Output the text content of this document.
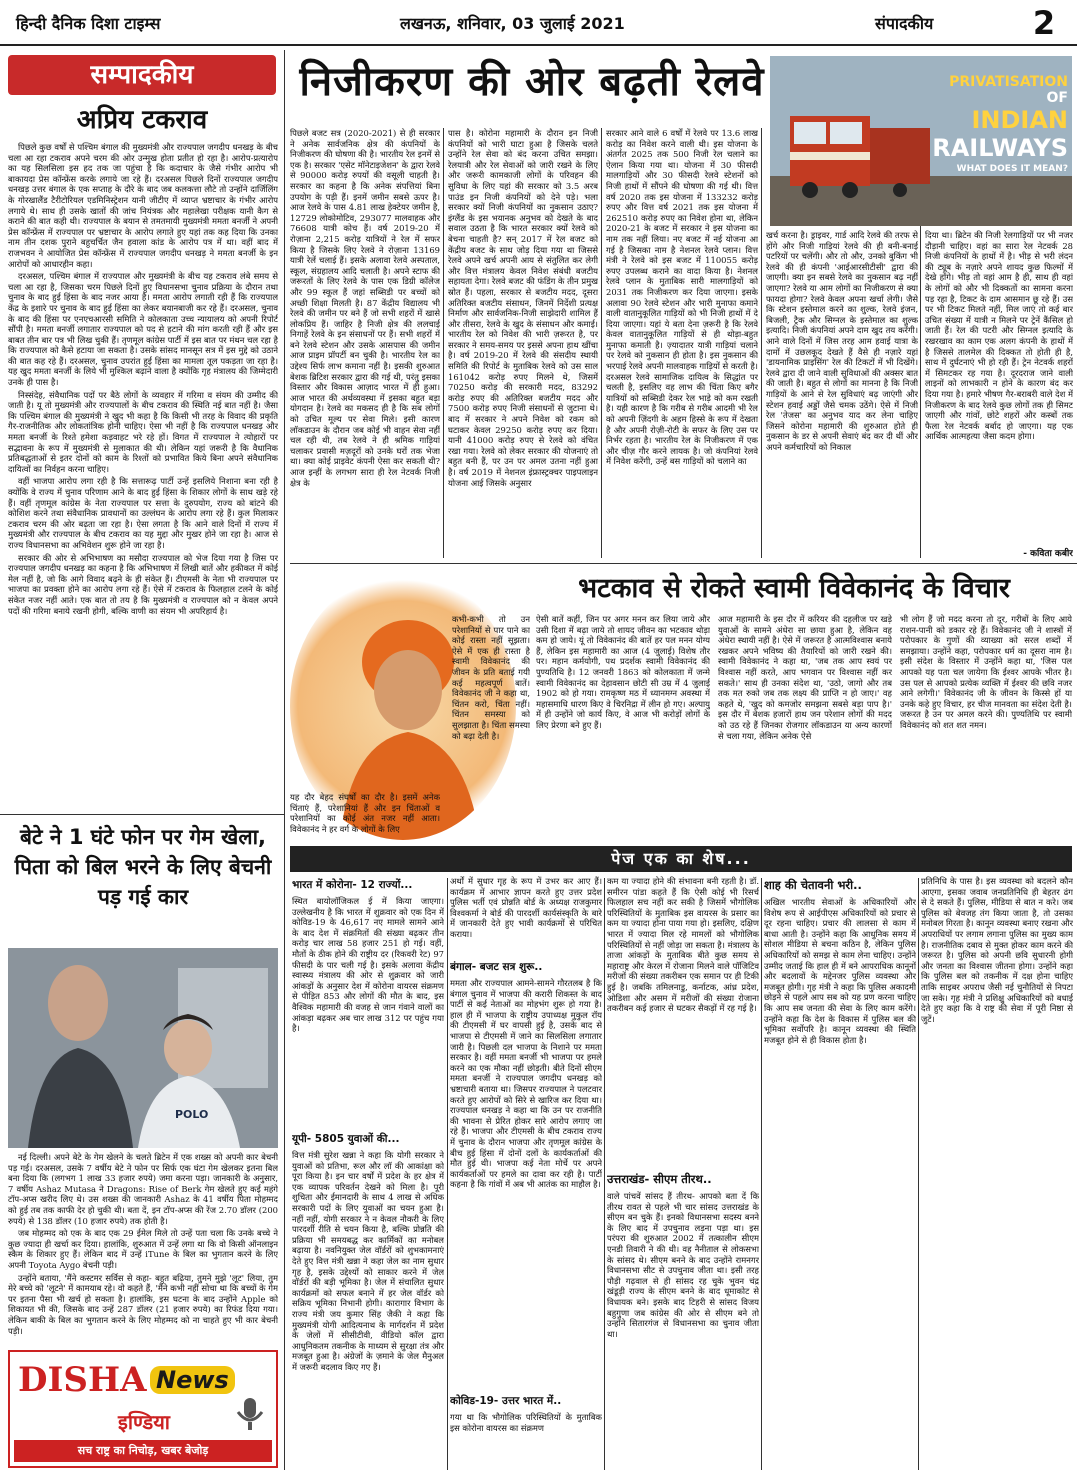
हिन्दी दैनिक दिशा टाइम्स	लखनऊ, शनिवार, 03 जुलाई 2021	संपादकीय	2
सम्पादकीय
अप्रिय टकराव

पिछले कुछ वर्षों से पश्चिम बंगाल की मुख्यमंत्री और राज्यपाल जगदीप धनखड़ के बीच चला आ रहा टकराव अपने चरम की ओर उन्मुख होता प्रतीत हो रहा है। आरोप-प्रत्यारोप का यह सिलसिला इस हद तक जा पहुंचा है कि कदाचार के जैसे गंभीर आरोप भी बाकायदा प्रेस कॉन्फ्रेंस करके लगाये जा रहे हैं। दरअसल पिछले दिनों राज्यपाल जगदीप धनखड़ उत्तर बंगाल के एक सप्ताह के दौरे के बाद जब कलकत्ता लौटे तो उन्होंने दार्जिलिंग के गोरखालैंड टैरीटोरियल एडमिनिस्ट्रेशन यानी जीटीए में व्याप्त भ्रष्टाचार के गंभीर आरोप लगाये थे। साथ ही उसके खातों की जांच नियंत्रक और महालेखा परीक्षक यानी कैग से कराने की बात कही थी। राज्यपाल के बयान से तमतमायी मुख्यमंत्री ममता बनर्जी ने अपनी प्रेस कॉन्फ्रेंस में राज्यपाल पर भ्रष्टाचार के आरोप लगाते हुए यहां तक कह दिया कि उनका नाम तीन दशक पुराने बहुचर्चित जैन हवाला कांड के आरोप पत्र में था। वहीं बाद में राजभवन ने आयोजित प्रेस कॉन्फ्रेंस में राज्यपाल जगदीप धनखड़ ने ममता बनर्जी के इन आरोपों को आधारहीन कहा।

दरअसल, पश्चिम बंगाल में राज्यपाल और मुख्यमंत्री के बीच यह टकराव लंबे समय से चला आ रहा है, जिसका चरम पिछले दिनों हुए विधानसभा चुनाव प्रक्रिया के दौरान तथा चुनाव के बाद हुई हिंसा के बाद नजर आया है। ममता आरोप लगाती रही हैं कि राज्यपाल केंद्र के इशारे पर चुनाव के बाद हुई हिंसा का लेकर बयानबाजी कर रहे हैं। दरअसल, चुनाव के बाद की हिंसा पर एनएचआरसी समिति ने कोलकाता उच्च न्यायालय को अपनी रिपोर्ट सौंपी है। ममता बनर्जी लगातार राज्यपाल को पद से हटाने की मांग करती रही हैं और इस बाबत तीन बार पत्र भी लिख चुकी हैं। तृणमूल कांग्रेस पार्टी में इस बात पर मंथन चल रहा है कि राज्यपाल को कैसे हटाया जा सकता है। उसके सांसद मानसून सत्र में इस मुद्दे को उठाने की बात कह रहे हैं। दरअसल, चुनाव उपरांत हुई हिंसा का मामला तूल पकड़ता जा रहा है। यह खुद ममता बनर्जी के लिये भी मुश्किल बढ़ाने वाला है क्योंकि गृह मंत्रालय की जिम्मेदारी उनके ही पास है।

निस्संदेह, संवैधानिक पदों पर बैठे लोगों के व्यवहार में गरिमा व संयम की उम्मीद की जाती है। यू तो मुख्यमंत्री और राज्यपालों के बीच टकराव की स्थिति नई बात नहीं है। जैसा कि पश्चिम बंगाल की मुख्यमंत्री ने खुद भी कहा है कि किसी भी तरह के विवाद की प्रकृति गैर-राजनीतिक और लोकतांत्रिक होनी चाहिए। ऐसा भी नहीं है कि राज्यपाल धनखड़ और ममता बनर्जी के रिश्ते हमेशा कड़वाहट भरे रहे हों। विगत में राज्यपाल ने त्योहारों पर सद्भावना के रूप में मुख्यमंत्री से मुलाकात की थी। लेकिन यहां जरूरी है कि वैधानिक प्रतिबद्धताओं से इतर दोनों को काम के रिश्तों को प्रभावित किये बिना अपने संवैधानिक दायित्वों का निर्वहन करना चाहिए।

वहीं भाजपा आरोप लगा रही है कि सत्तारूढ़ पार्टी उन्हें इसलिये निशाना बना रही है क्योंकि वे राज्य में चुनाव परिणाम आने के बाद हुई हिंसा के शिकार लोगों के साथ खड़े रहे हैं। वहीं तृणमूल कांग्रेस के नेता राज्यपाल पर सत्ता के दुरुपयोग, राज्य को बांटने की कोशिश करने तथा संवैधानिक प्रावधानों का उल्लंघन के आरोप लगा रहे हैं। कुल मिलाकर टकराव चरम की ओर बढ़ता जा रहा है। ऐसा लगता है कि आने वाले दिनों में राज्य में मुख्यमंत्री और राज्यपाल के बीच टकराव का यह मुद्दा और मुखर होने जा रहा है। आज से राज्य विधानसभा का अभिवेशन शुरू होने जा रहा है।

सरकार की ओर से अभिभाषण का मसौदा राज्यपाल को भेज दिया गया है जिस पर राज्यपाल जगदीप धनखड़ का कहना है कि अभिभाषण में लिखी बातें और हकीकत में कोई मेल नहीं है, जो कि आगे विवाद बढ़ने के ही संकेत हैं। टीएमसी के नेता भी राज्यपाल पर भाजपा का प्रवक्ता होने का आरोप लगा रहे हैं। ऐसे में टकराव के फिलहाल टलने के कोई संकेत नजर नहीं आते। एक बात तो तय है कि मुख्यमंत्री व राज्यपाल को न केवल अपने पदों की गरिमा बनाये रखनी होगी, बल्कि वाणी का संयम भी अपरिहार्य है।

बेटे ने 1 घंटे फोन पर गेम खेला, पिता को बिल भरने के लिए बेचनी पड़ गई कार
POLO

नई दिल्ली। अपने बेटे के गेम खेलने के चलते ब्रिटेन में एक शख्स को अपनी कार बेचनी पड़ गई। दरअसल, उसके 7 वर्षीय बेटे ने फोन पर सिर्फ एक घंटा गेम खेलकर इतना बिल बना दिया कि (लगभग 1 लाख 33 हजार रुपये) जमा करना पड़ा। जानकारी के अनुसार, 7 वर्षीय Ashaz Mutasa ने Dragons: Rise of Berk गेम खेलते हुए कई महंगे टॉप-अप्स खरीद लिए थे। उस शख्स की जानकारी Ashaz के 41 वर्षीय पिता मोहम्मद को हुई तब तक काफी देर हो चुकी थी। बता दें, इन टॉप-अप्स की रेंज 2.70 डॉलर (200 रुपये) से 138 डॉलर (10 हजार रुपये) तक होती है।

जब मोहम्मद को एक के बाद एक 29 ईमेल मिले तो उन्हें पता चला कि उनके बच्चे ने कुछ ज्यादा ही खर्चा कर दिया। हालांकि, शुरुआत में उन्हें लगा था कि वो किसी ऑनलाइन स्कैम के शिकार हुए हैं। लेकिन बाद में उन्हें iTune के बिल का भुगतान करने के लिए अपनी Toyota Aygo बेचनी पड़ी।

उन्होंने बताया, 'मैंने कस्टमर सर्विस से कहा- बहुत बढ़िया, तुमने मुझे 'लूट' लिया, तुम मेरे बच्चे को 'लूटने' में कामयाब रहे। वो कहते हैं, 'मैंने कभी नहीं सोचा था कि बच्चों के गेम पर इतना पैसा भी खर्च हो सकता है। हालांकि, इस घटना के बाद उन्होंने Apple को शिकायत भी की, जिसके बाद उन्हें 287 डॉलर (21 हजार रुपये) का रिफंड दिया गया। लेकिन बाकी के बिल का भुगतान करने के लिए मोहम्मद को ना चाहते हुए भी कार बेचनी पड़ी।

DISHA News
इण्डिया
सच राष्ट्र का निचोड़, खबर बेजोड़
निजीकरण की ओर बढ़ती रेलवे	PRIVATISATION
OF
INDIAN
RAILWAYS
WHAT DOES IT MEAN?

पिछले बजट सत्र (2020-2021) से ही सरकार ने अनेक सार्वजनिक क्षेत्र की कंपनियों के निजीकरण की घोषणा की है। भारतीय रेल इनमें से एक है। सरकार 'एसेट मॉनेटाइजेशन' के द्वारा रेलवे से 90000 करोड़ रुपयों की वसूली चाहती है। सरकार का कहना है कि अनेक संपत्तियां बिना उपयोग के पड़ी हैं। इनमें जमीन सबसे ऊपर है। आज रेलवे के पास 4.81 लाख हेक्टेयर जमीन है, 12729 लोकोमोटिव, 293077 मालवाहक और 76608 यात्री कोच हैं। वर्ष 2019-20 में रोज़ाना 2,215 करोड़ यात्रियों ने रेल में सफर किया है जिसके लिए रेलवे ने रोज़ाना 13169 यात्री रेलें चलाई हैं। इसके अलावा रेलवे अस्पताल, स्कूल, संग्रहालय आदि चलाती है। अपने स्टाफ की जरूरतों के लिए रेलवे के पास एक डिग्री कॉलेज और 99 स्कूल हैं जहां सब्सिडी पर बच्चों को अच्छी शिक्षा मिलती है। 87 केंद्रीय विद्यालय भी रेलवे की जमीन पर बने हैं जो सभी शहरों में खासे लोकप्रिय हैं। जाहिर है निजी क्षेत्र की ललचाई निगाहें रेलवे के इन संसाधनों पर हैं। सभी शहरों में बने रेलवे स्टेशन और उसके आसपास की जमीन आज प्राइम प्रॉपर्टी बन चुकी है। भारतीय रेल का उद्देश्य सिर्फ लाभ कमाना नहीं है। इसकी शुरुआत बेशक ब्रिटिश सरकार द्वारा की गई थी, परंतु इसका विस्तार और विकास आज़ाद भारत में ही हुआ। आज भारत की अर्थव्यवस्था में इसका बहुत बड़ा योगदान है। रेलवे का मकसद ही है कि सब लोगों को उचित मूल्य पर सेवा मिले। इसी कारण लॉकडाउन के दौरान जब कोई भी वाहन सेवा नहीं चल रही थी, तब रेलवे ने ही श्रमिक गाड़ियां चलाकर प्रवासी मज़दूरों को उनके घरों तक भेजा था। क्या कोई प्राइवेट कंपनी ऐसा कर सकती थी? आज इन्हीं के लगभग सारा ही रेल नेटवर्क निजी क्षेत्र के

पास है। कोरोना महामारी के दौरान इन निजी कंपनियों को भारी घाटा हुआ है जिसके चलते उन्होंने रेल सेवा को बंद करना उचित समझा। रेलयात्री और रेल सेवाओं को जारी रखने के लिए और जरूरी कामकाजी लोगों के परिवहन की सुविधा के लिए यहां की सरकार को 3.5 अरब पाउंड इन निजी कंपनियों को देने पड़े। भला सरकार क्यों निजी कंपनियों का नुकसान उठाए? इंग्लैंड के इस भयानक अनुभव को देखते के बाद सवाल उठता है कि भारत सरकार क्यों रेलवे को बेचना चाहती है? सन् 2017 में रेल बजट को केंद्रीय बजट के साथ जोड़ दिया गया था जिससे रेलवे अपने खर्च अपनी आय से संतुलित कर लेगी और वित्त मंत्रालय केवल निवेश संबंधी बजटीय सहायता देगा। रेलवे बजट की फंडिंग के तीन प्रमुख स्रोत हैं। पहला, सरकार से बजटीय मदद, दूसरा अतिरिक्त बजटीय संसाधन, जिनमें निर्देशी प्रत्यक्ष निर्माण और सार्वजनिक-निजी साझेदारी शामिल हैं और तीसरा, रेलवे के खुद के संसाधन और कमाई। भारतीय रेल को निवेश की भारी ज़रूरत है, पर सरकार ने समय-समय पर इससे अपना हाथ खींचा है। वर्ष 2019-20 में रेलवे की संसदीय स्थायी समिति की रिपोर्ट के मुताबिक रेलवे को उस साल 161042 करोड़ रुपए मिलने थे, जिसमें 70250 करोड़ की सरकारी मदद, 83292 करोड़ रुपए की अतिरिक्त बजटीय मदद और 7500 करोड़ रुपए निजी संसाधनों से जुटाना थे। बाद में सरकार ने अपने निवेश को रकम को घटाकर केवल 29250 करोड़ रुपए कर दिया। यानी 41000 करोड़ रुपए से रेलवे को वंचित रखा गया। रेलवे को लेकर सरकार की योजनाएं तो बहुत बनी हैं, पर उन पर अमल उतना नहीं हुआ है। वर्ष 2019 में नेशनल इंफ्रास्ट्रक्चर पाइपलाइन योजना आई जिसके अनुसार

सरकार आने वाले 6 वर्षों में रेलवे पर 13.6 लाख करोड़ का निवेश करने वाली थी। इस योजना के अंतर्गत 2025 तक 500 निजी रेल चलाने का ऐलान किया गया था। योजना में 30 फीसदी मालगाड़ियों और 30 फीसदी रेलवे स्टेशनों को निजी हाथों में सौंपने की घोषणा की गई थी। वित्त वर्ष 2020 तक इस योजना में 133232 करोड़ रुपए और वित्त वर्ष 2021 तक इस योजना में 262510 करोड़ रुपए का निवेश होना था, लेकिन 2020-21 के बजट में सरकार ने इस योजना का नाम तक नहीं लिया। नए बजट में नई योजना आ गई है जिसका नाम है नेशनल रेलवे प्लान। वित्त मंत्री ने रेलवे को इस बजट में 110055 करोड़ रुपए उपलब्ध कराने का वादा किया है। नेशनल रेलवे प्लान के मुताबिक सारी मालगाड़ियों को 2031 तक निजीकरण कर दिया जाएगा। इसके अलावा 90 रेलवे स्टेशन और भारी मुनाफा कमाने वाली वातानुकूलित गाड़ियों को भी निजी हाथों में दे दिया जाएगा। यहां ये बता देना ज़रूरी है कि रेलवे केवल वातानुकूलित गाड़ियों से ही थोड़ा-बहुत मुनाफा कमाती है। ज़्यादातर यात्री गाड़ियां चलाने पर रेलवे को नुकसान ही होता है। इस नुकसान की भरपाई रेलवे अपनी मालवाहक गाड़ियों से करती है। दरअसल रेलवे सामाजिक दायित्व के सिद्धांत पर चलती है, इसलिए वह लाभ की चिंता किए बगैर यात्रियों को सब्सिडी देकर रेल भाड़े को कम रखती है। यही कारण है कि गरीब से गरीब आदमी भी रेल को अपनी ज़िंदगी के अहम हिस्से के रूप में देखता है और अपनी रोज़ी-रोटी के सफर के लिए उस पर निर्भर रहता है। भारतीय रेल के निजीकरण में एक और चीज़ गौर करने लायक है। जो कंपनियां रेलवे में निवेश करेंगी, उन्हें बस गाड़ियों को चलाने का

खर्च करना है। ड्राइवर, गार्ड आदि रेलवे की तरफ से होंगे और निजी गाड़ियां रेलवे की ही बनी-बनाई पटरियों पर चलेंगी। और तो और, उनको बुकिंग भी रेलवे की ही कंपनी 'आईआरसीटीसी' द्वारा की जाएगी। क्या इन सबसे रेलवे का नुकसान बढ़ नहीं जाएगा? रेलवे या आम लोगों का निजीकरण से क्या फायदा होगा? रेलवे केवल अपना खर्चा लेगी। जैसे कि स्टेशन इस्तेमाल करने का शुल्क, रेलवे इंजन, बिजली, ट्रैक और सिग्नल के इस्तेमाल का शुल्क इत्यादि। निजी कंपनियां अपने दाम खुद तय करेंगी। आने वाले दिनों में जिस तरह आम हवाई यात्रा के दामों में उछलकूद देखते हैं वैसे ही नज़ारे यहां 'डायनामिक प्राइसिंग' रेल की टिकटों में भी दिखेंगे। रेलवे द्वारा दी जाने वाली सुविधाओं की अक्सर बात की जाती है। बहुत से लोगों का मानना है कि निजी गाड़ियों के आने से रेल सुविधाएं बढ़ जाएंगी और स्टेशन हवाई अड्डों जैसे चमक उठेंगे। ऐसे में निजी रेल 'तेजस' का अनुभव याद कर लेना चाहिए जिसने कोरोना महामारी की शुरुआत होते ही नुकसान के डर से अपनी सेवाएं बंद कर दी थीं और अपने कर्मचारियों को निकाल

दिया था। ब्रिटेन की निजी रेलगाड़ियों पर भी नजर दौड़ानी चाहिए। वहां का सारा रेल नेटवर्क 28 निजी कंपनियों के हाथों में है। भीड़ से भरी लंदन की ट्यूब के नज़ारे अपने शायद कुछ फिल्मों में देखे होंगे। भीड़ तो वहां आम है ही, साथ ही वहां के लोगों को और भी दिक्कतों का सामना करना पड़ रहा है, टिकट के दाम आसमान छू रहे हैं। उस पर भी टिकट मिलते नहीं, मिल जाएं तो कई बार उचित संख्या में यात्री न मिलने पर ट्रेनें कैंसिल हो जाती हैं। रेल की पटरी और सिग्नल इत्यादि के रखरखाव का काम एक अलग कंपनी के हाथों में है जिससे तालमेल की दिक्कत तो होती ही है, साथ में दुर्घटनाएं भी हो रही हैं। ट्रेन नेटवर्क शहरों में सिमटकर रह गया है। दूरदराज जाने वाली लाइनों को लाभकारी न होने के कारण बंद कर दिया गया है। हमारे भीषण गैर-बराबरी वाले देश में निजीकरण के बाद रेलवे कुछ लोगों तक ही सिमट जाएगी और गांवों, छोटे शहरों और कस्बों तक फैला रेल नेटवर्क बर्बाद हो जाएगा। यह एक आर्थिक आत्महत्या जैसा कदम होगा।

- कविता कबीर
भटकाव से रोकते स्वामी विवेकानंद के विचार

कभी-कभी तो उन परेशानियों से पार पाने का कोई रास्ता नहीं सूझता। ऐसे में एक ही रास्ता है स्वामी विवेकानंद की जीवन के प्रति बताई गयी कई महत्वपूर्ण बातें। विवेकानंद जी ने कहा था, चिंतन करो, चिंता नहीं। चिंतन समस्या को सुलझाता है। चिंता समस्या को बढ़ा देती है।

यह दौर बेहद संघर्षों का दौर है। इसमें अनेक चिंताएं हैं, परेशानियां हैं और इन चिंताओं व परेशानियों का कोई अंत नजर नहीं आता। विवेकानंद ने हर वर्ग के लोगों के लिए

ऐसी बातें कहीं, जिन पर अगर मनन कर लिया जाये और उसी दिशा में बढ़ा जाये तो शायद जीवन का भटकाव थोड़ा कम हो जाये। यूं तो विवेकानंद की बातें हर पल मनन योग्य हैं, लेकिन इस महामारी का आज (4 जुलाई) विशेष तौर पर। महान कर्मयोगी, पथ प्रदर्शक स्वामी विवेकानंद की पुण्यतिथि है। 12 जनवरी 1863 को कोलकाता में जन्मे स्वामी विवेकानंद का देहावसान छोटी सी उम्र में 4 जुलाई 1902 को हो गया। रामकृष्ण मठ में ध्यानमग्न अवस्था में महासमाधि धारण किए वे चिरनिद्रा में लीन हो गए। अल्पायु में ही उन्होंने जो कार्य किए, वे आज भी करोड़ों लोगों के लिए प्रेरणा बने हुए हैं।

आज महामारी के इस दौर में करियर की दहलीज पर खड़े युवाओं के सामने अंधेरा सा छाया हुआ है, लेकिन वह अंधेरा स्थायी नहीं है। ऐसे में जरूरत है आत्मविश्वास बनाये रखकर अपने भविष्य की तैयारियों को जारी रखने की। स्वामी विवेकानंद ने कहा था, 'जब तक आप स्वयं पर विश्वास नहीं करते, आप भगवान पर विश्वास नहीं कर सकते।' साथ ही उनका संदेश था, 'उठो, जागो और तब तक मत रुको जब तक लक्ष्य की प्राप्ति न हो जाए।' वह कहते थे, 'खुद को कमजोर समझना सबसे बड़ा पाप है।' इस दौर में बेशक हजारों हाथ जन परेशान लोगों की मदद को उठ रहे हैं जिनका रोजगार लॉकडाउन या अन्य कारणों से चला गया, लेकिन अनेक ऐसे

भी लोग हैं जो मदद करना तो दूर, गरीबों के लिए आये राशन-पानी को डकार रहे हैं। विवेकानंद जी ने शास्त्रों में परोपकार के गुणों की व्याख्या को सरल शब्दों में समझाया। उन्होंने कहा, परोपकार धर्म का दूसरा नाम है। इसी संदेश के विस्तार में उन्होंने कहा था, 'जिस पल आपको यह पता चल जायेगा कि ईश्वर आपके भीतर है। उस पल से आपको प्रत्येक व्यक्ति में ईश्वर की छवि नजर आने लगेगी।' विवेकानंद जी के जीवन के किस्से हों या उनके कहे हुए विचार, हर चीज मानवता का संदेश देती है। जरूरत है उन पर अमल करने की। पुण्यतिथि पर स्वामी विवेकानंद को शत शत नमन।

पेज एक का शेष...
भारत में कोरोना- 12 राज्यों...
स्थित बायोलॉजिकल ई में किया जाएगा। उल्लेखनीय है कि भारत में शुक्रवार को एक दिन में कोविड-19 के 46,617 नए मामले सामने आने के बाद देश में संक्रमितों की संख्या बढ़कर तीन करोड़ चार लाख 58 हजार 251 हो गई। वहीं, मौतों के ठीक होने की राष्ट्रीय दर (रिकवरी रेट) 97 फीसदी के पार चली गई है। इसके अलावा केंद्रीय स्वास्थ्य मंत्रालय की ओर से शुक्रवार को जारी आंकड़ों के अनुसार देश में कोरोना वायरस संक्रमण से पीड़ित 853 और लोगों की मौत के बाद, इस वैश्विक महामारी की वजह से जान गंवाने वालों का आंकड़ा बढ़कर अब चार लाख 312 पर पहुंच गया है।
यूपी- 5805 युवाओं की...
वित्त मंत्री सुरेश खन्ना ने कहा कि योगी सरकार ने युवाओं को प्रतिभा, रूल और लॉ की आकांक्षा को पूरा किया है। इन चार वर्षों में प्रदेश के हर क्षेत्र में एक व्यापक परिवर्तन देखने को मिला है। पूरी शुचिता और ईमानदारी के साथ 4 लाख से अधिक सरकारी पदों के लिए युवाओं का चयन हुआ है। नहीं नहीं, योगी सरकार ने न केवल नौकरी के लिए पारदर्शी रीति से चयन किया है, बल्कि प्रोन्नति की प्रक्रिया भी समयबद्ध कर कार्मिकों का मनोबल बढ़ाया है। नवनियुक्त जेल वॉर्डरों को शुभकामनाएं देते हुए वित्त मंत्री खन्ना ने कहा जेल का नाम सुधार गृह है, इसके उद्देश्यों को साकार करने में जेल वॉर्डरों की बड़ी भूमिका है। जेल में संचालित सुधार कार्यक्रमों को सफल बनाने में हर जेल वॉर्डर को सक्रिय भूमिका निभानी होगी। कारागार विभाग के राज्य मंत्री जय कुमार सिंह जैकी ने कहा कि मुख्यमंत्री योगी आदित्यनाथ के मार्गदर्शन में प्रदेश के जेलों में सीसीटीवी, वीडियो कॉल द्वारा आधुनिकतम तकनीक के माध्यम से सुरक्षा तंत्र और मजबूत हुआ है। अंग्रेजों के ज़माने के जेल मैनुअल में जरूरी बदलाव किए गए हैं।
अर्थों में सुधार गृह के रूप में उभर कर आए हैं। कार्यक्रम में आभार ज्ञापन करते हुए उत्तर प्रदेश पुलिस भर्ती एवं प्रोन्नति बोर्ड के अध्यक्ष राजकुमार विश्वकर्मा ने बोर्ड की पारदर्शी कार्यसंस्कृति के बारे में जानकारी देते हुए भावी कार्यक्रमों से परिचित कराया।
बंगाल- बजट सत्र शुरू..
ममता और राज्यपाल आमने-सामने गौरतलब है कि बंगाल चुनाव में भाजपा की करारी शिकस्त के बाद पार्टी से कई नेताओं का मोहभंग शुरू हो गया है। हाल ही में भाजपा के राष्ट्रीय उपाध्यक्ष मुकुल रॉय की टीएमसी में घर वापसी हुई है, उसके बाद से भाजपा से टीएमसी में जाने का सिलसिला लगातार जारी है। पिछली दल भाजपा के निशाने पर ममता सरकार है। वहीं ममता बनर्जी भी भाजपा पर हमले करने का एक मौका नहीं छोड़ती। बीते दिनों सीएम ममता बनर्जी ने राज्यपाल जगदीप धनखड़ को भ्रष्टाचारी बताया था। जिसपर राज्यपाल ने पलटवार करते हुए आरोपों को सिरे से खारिज कर दिया था। राज्यपाल धनखड़ ने कहा था कि उन पर राजनीति की भावना से प्रेरित होकर सारे आरोप लगाए जा रहे हैं। भाजपा और टीएमसी के बीच टकराव राज्य में चुनाव के दौरान भाजपा और तृणमूल कांग्रेस के बीच हुई हिंसा में दोनों दलों के कार्यकर्ताओं की मौत हुई थी। भाजपा कई नेता मोर्चे पर अपने कार्यकर्ताओं पर हमले का दावा कर रही है। पार्टी कहना है कि गांवों में अब भी आतंक का माहौल है।
कोविड-19- उत्तर भारत में..
गया था कि भौगोलिक परिस्थितियों के मुताबिक इस कोरोना वायरस का संक्रमण
कम या ज्यादा होने की संभावना बनी रहती है। डॉ. समीरन पांडा कहते हैं कि ऐसी कोई भी रिसर्च फिलहाल सच नहीं कर सकी है जिसमें भौगोलिक परिस्थितियों के मुताबिक इस वायरस के प्रसार का कम या ज्यादा होना पाया गया हो। इसलिए, दक्षिण भारत में ज्यादा मिल रहे मामलों को भौगोलिक परिस्थितियों से नहीं जोड़ा जा सकता है। मंत्रालय के ताजा आंकड़ों के मुताबिक बीते कुछ समय से महाराष्ट्र और केरल में रोजाना मिलने वाले पॉजिटिव मरीजों की संख्या तकरीबन एक समान पर ही टिकी हुई है। जबकि तमिलनाडु, कर्नाटक, आंध्र प्रदेश, ओडिशा और असम में मरीजों की संख्या रोजाना तकरीबन कई हजार से घटकर सैकड़ों में रह गई है।
उत्तराखंड- सीएम तीरथ..
वाले पांचवें सांसद हैं तीरथ- आपको बता दें कि तीरथ रावत से पहले भी चार सांसद उत्तराखंड के सीएम बन चुके हैं। इनको विधानसभा सदस्य बनने के लिए बाद में उपचुनाव लड़ना पड़ा था। इस परंपरा की शुरुआत 2002 में तत्कालीन सीएम एनडी तिवारी ने की थी। वह नैनीताल से लोकसभा के सांसद थे। सीएम बनने के बाद उन्होंने रामनगर विधानसभा सीट से उपचुनाव जीता था। इसी तरह पौड़ी गढ़वाल से ही सांसद रह चुके भुवन चंद्र खंडूड़ी राज्य के सीएम बनने के बाद धूमाकोट से विधायक बने। इसके बाद टिहरी से सांसद विजय बहुगुणा जब कांग्रेस की ओर से सीएम बने तो उन्होंने सितारगंज से विधानसभा का चुनाव जीता था।
शाह की चेतावनी भरी..
अखिल भारतीय सेवाओं के अधिकारियों और विशेष रूप से आईपीएस अधिकारियों को प्रचार से दूर रहना चाहिए। प्रचार की लालसा से काम में बाधा आती है। उन्होंने कहा कि आधुनिक समय में सोशल मीडिया से बचना कठिन है, लेकिन पुलिस अधिकारियों को समझ से काम लेना चाहिए। उन्होंने उम्मीद जताई कि हाल ही में बने आपराधिक कानूनों और बदलावों के मद्देनजर पुलिस व्यवस्था और मजबूत होगी। गृह मंत्री ने कहा कि पुलिस अकादमी छोड़ने से पहले आप सब को यह प्रण करना चाहिए कि आप सब जनता की सेवा के लिए काम करेंगे। उन्होंने कहा कि देश के विकास में पुलिस बल की भूमिका सर्वोपरि है। कानून व्यवस्था की स्थिति मजबूत होने से ही विकास होता है।
प्रतिनिधि के पास है। इस व्यवस्था को बदलने कौन आएगा, इसका जवाब जनप्रतिनिधि ही बेहतर ढंग से दे सकते हैं। पुलिस, मीडिया से बात न करे। जब पुलिस को बेवजह तंग किया जाता है, तो उसका मनोबल गिरता है। कानून व्यवस्था बनाए रखना और अपराधियों पर लगाम लगाना पुलिस का मुख्य काम है। राजनीतिक दबाव से मुक्त होकर काम करने की जरूरत है। पुलिस को अपनी छवि सुधारनी होगी और जनता का विश्वास जीतना होगा। उन्होंने कहा कि पुलिस बल को तकनीक में दक्ष होना चाहिए ताकि साइबर अपराध जैसी नई चुनौतियों से निपटा जा सके। गृह मंत्री ने प्रशिक्षु अधिकारियों को बधाई देते हुए कहा कि वे राष्ट्र की सेवा में पूरी निष्ठा से जुटें।
